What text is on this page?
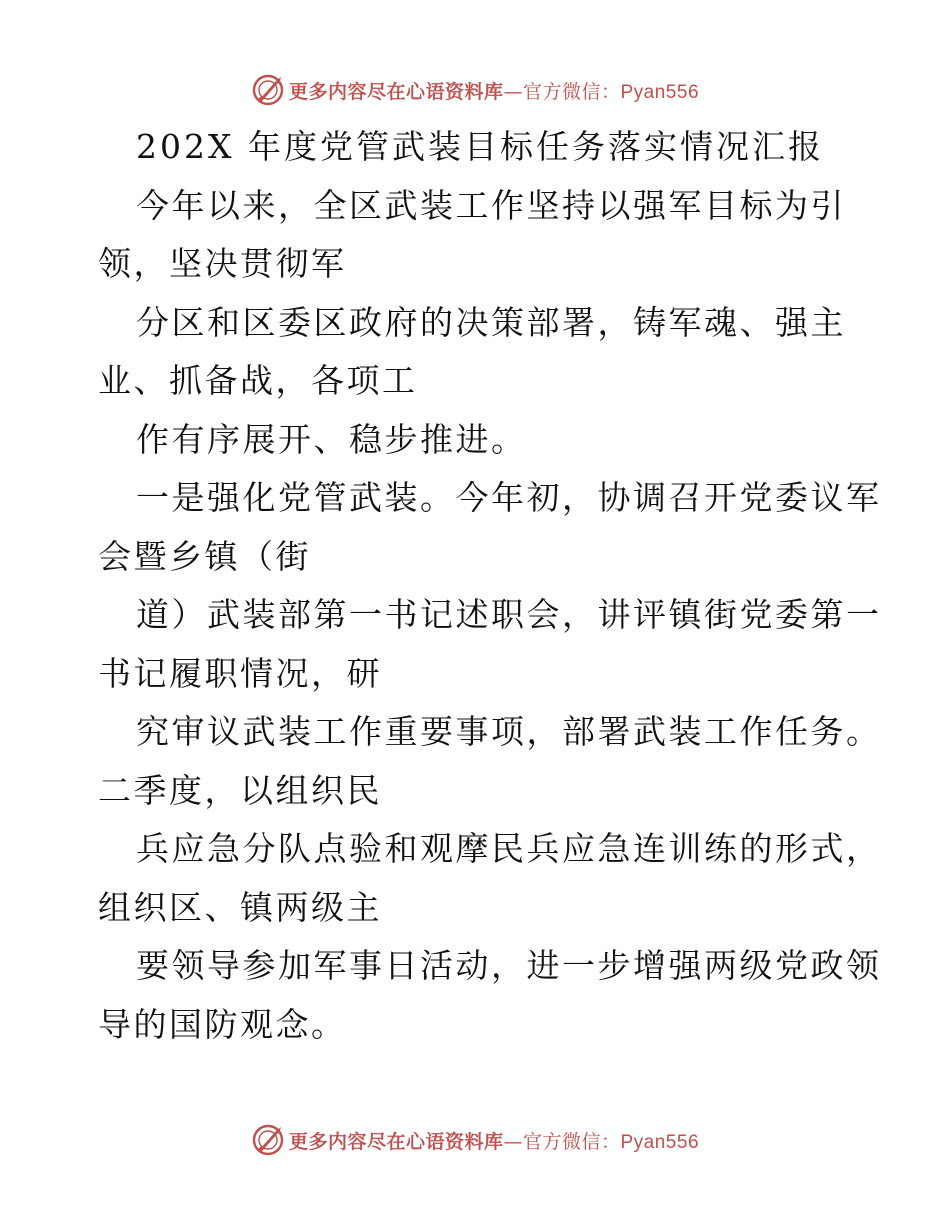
更多内容尽在心语资料库—官方微信：Pyan556
202X 年度党管武装目标任务落实情况汇报
今年以来，全区武装工作坚持以强军目标为引
领，坚决贯彻军
分区和区委区政府的决策部署，铸军魂、强主
业、抓备战，各项工
作有序展开、稳步推进。
一是强化党管武装。今年初，协调召开党委议军
会暨乡镇（街
道）武装部第一书记述职会，讲评镇街党委第一
书记履职情况，研
究审议武装工作重要事项，部署武装工作任务。
二季度，以组织民
兵应急分队点验和观摩民兵应急连训练的形式，
组织区、镇两级主
要领导参加军事日活动，进一步增强两级党政领
导的国防观念。
更多内容尽在心语资料库—官方微信：Pyan556
